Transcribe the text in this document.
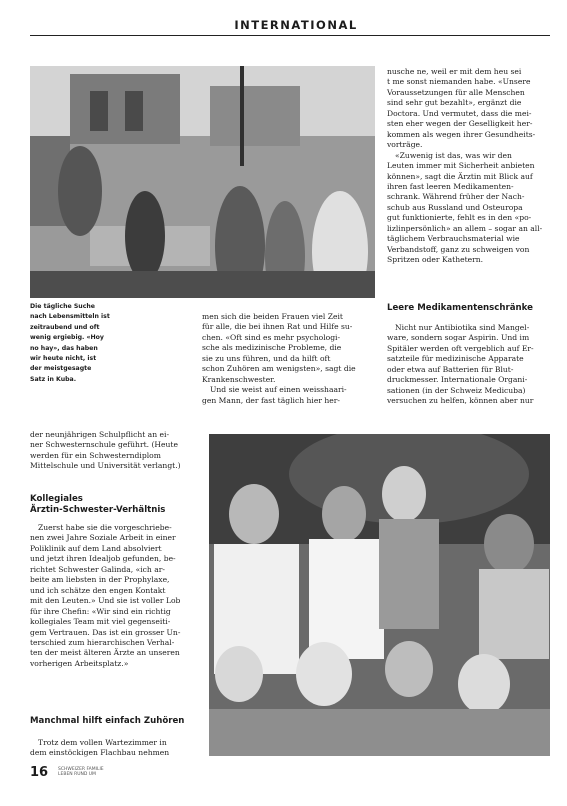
INTERNATIONAL
Die tägliche Suche
nach Lebensmitteln ist
zeitraubend und oft
wenig ergiebig. «Hoy
no hay», das haben
wir heute nicht, ist
der meistgesagte
Satz in Kuba.

men sich die beiden Frauen viel Zeit

für alle, die bei ihnen Rat und Hilfe su-

chen. «Oft sind es mehr psychologi-

sche als medizinische Probleme, die

sie zu uns führen, und da hilft oft

schon Zuhören am wenigsten», sagt die

Krankenschwester.

Und sie weist auf einen weisshaari-

gen Mann, der fast täglich hier her-

nusche ne, weil er mit dem heu sei

t me sonst niemanden habe. «Unsere

Voraussetzungen für alle Menschen

sind sehr gut bezahlt», ergänzt die

Doctora. Und vermutet, dass die mei-

sten eher wegen der Geselligkeit her-

kommen als wegen ihrer Gesundheits-

vorträge.

«Zuwenig ist das, was wir den

Leuten immer mit Sicherheit anbieten

können», sagt die Ärztin mit Blick auf

ihren fast leeren Medikamenten-

schrank. Während früher der Nach-

schub aus Russland und Osteuropa

gut funktionierte, fehlt es in den «po-

lizlinpersönlich» an allem – sogar an all-

täglichem Verbrauchsmaterial wie

Verbandstoff, ganz zu schweigen von

Spritzen oder Kathetern.

Leere Medikamentenschränke

Nicht nur Antibiotika sind Mangel-

ware, sondern sogar Aspirin. Und im

Spitäler werden oft vergeblich auf Er-

satzteile für medizinische Apparate

oder etwa auf Batterien für Blut-

druckmesser. Internationale Organi-

sationen (in der Schweiz Medicuba)

versuchen zu helfen, können aber nur

der neunjährigen Schulpflicht an ei-

ner Schwesternschule geführt. (Heute

werden für ein Schwesterndiplom

Mittelschule und Universität verlangt.)

Kollegiales
Ärztin-Schwester-Verhältnis

Zuerst habe sie die vorgeschriebe-

nen zwei Jahre Soziale Arbeit in einer

Poliklinik auf dem Land absolviert

und jetzt ihren Idealjob gefunden, be-

richtet Schwester Galinda, «ich ar-

beite am liebsten in der Prophylaxe,

und ich schätze den engen Kontakt

mit den Leuten.» Und sie ist voller Lob

für ihre Chefin: «Wir sind ein richtig

kollegiales Team mit viel gegenseiti-

gem Vertrauen. Das ist ein grosser Un-

terschied zum hierarchischen Verhal-

ten der meist älteren Ärzte an unseren

vorherigen Arbeitsplatz.»

Manchmal hilft einfach Zuhören

Trotz dem vollen Wartezimmer in

dem einstöckigen Flachbau nehmen

16 SCHWEIZER FAMILIE
LEBEN RUND UM
